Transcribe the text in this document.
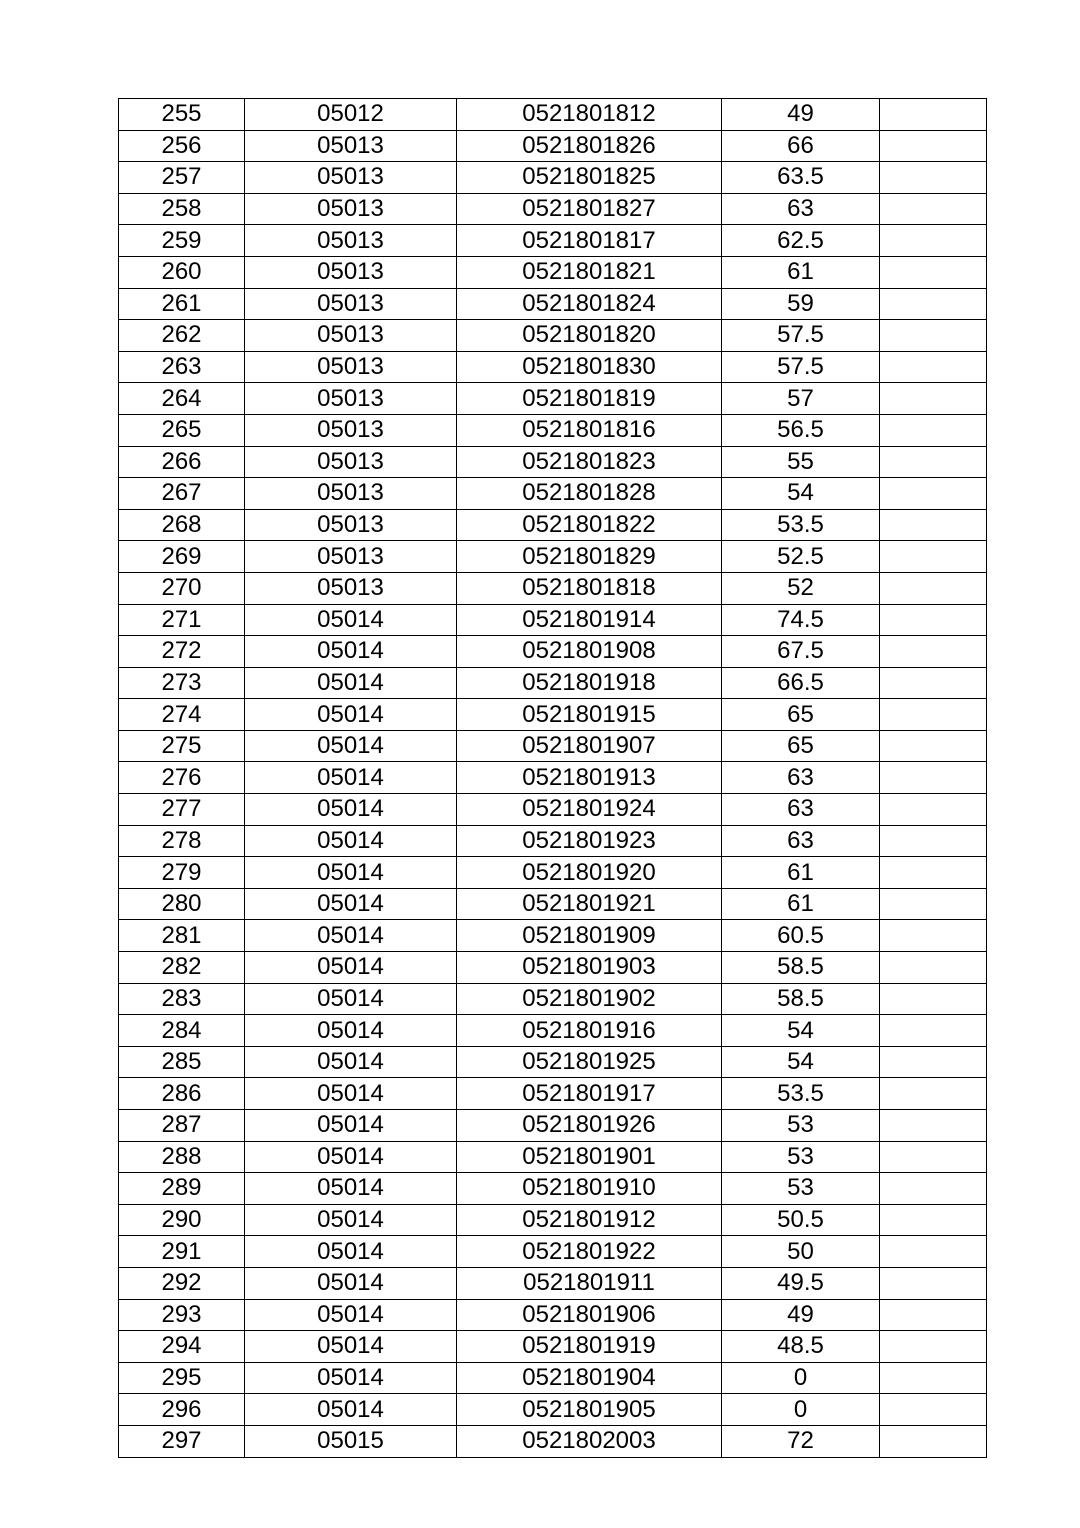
255	05012	0521801812	49	
256	05013	0521801826	66	
257	05013	0521801825	63.5	
258	05013	0521801827	63	
259	05013	0521801817	62.5	
260	05013	0521801821	61	
261	05013	0521801824	59	
262	05013	0521801820	57.5	
263	05013	0521801830	57.5	
264	05013	0521801819	57	
265	05013	0521801816	56.5	
266	05013	0521801823	55	
267	05013	0521801828	54	
268	05013	0521801822	53.5	
269	05013	0521801829	52.5	
270	05013	0521801818	52	
271	05014	0521801914	74.5	
272	05014	0521801908	67.5	
273	05014	0521801918	66.5	
274	05014	0521801915	65	
275	05014	0521801907	65	
276	05014	0521801913	63	
277	05014	0521801924	63	
278	05014	0521801923	63	
279	05014	0521801920	61	
280	05014	0521801921	61	
281	05014	0521801909	60.5	
282	05014	0521801903	58.5	
283	05014	0521801902	58.5	
284	05014	0521801916	54	
285	05014	0521801925	54	
286	05014	0521801917	53.5	
287	05014	0521801926	53	
288	05014	0521801901	53	
289	05014	0521801910	53	
290	05014	0521801912	50.5	
291	05014	0521801922	50	
292	05014	0521801911	49.5	
293	05014	0521801906	49	
294	05014	0521801919	48.5	
295	05014	0521801904	0	
296	05014	0521801905	0	
297	05015	0521802003	72	
